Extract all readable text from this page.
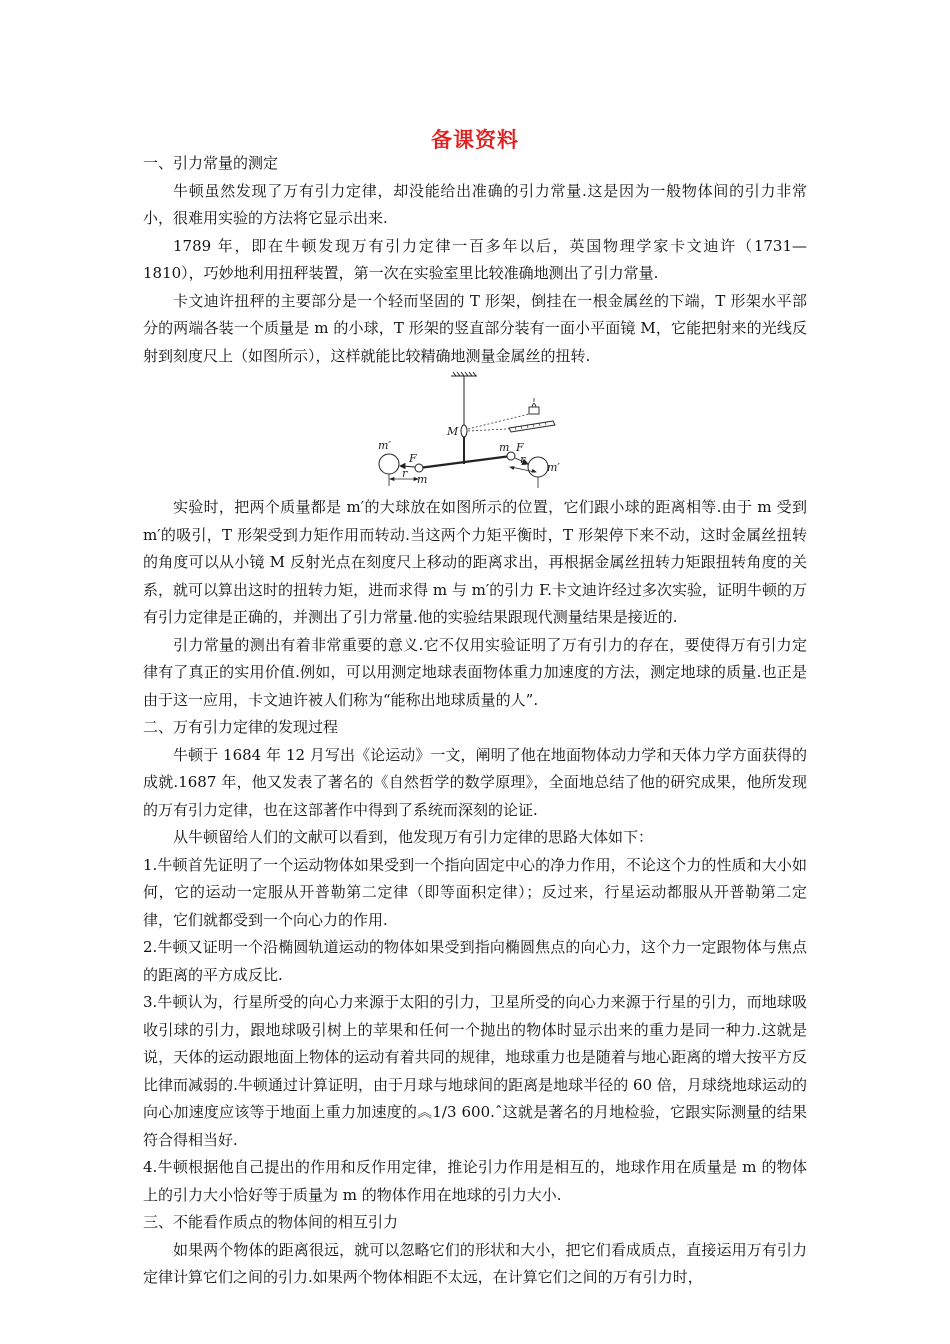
备课资料

一、引力常量的测定

牛顿虽然发现了万有引力定律，却没能给出准确的引力常量.这是因为一般物体间的引力非常小，很难用实验的方法将它显示出来.

1789 年，即在牛顿发现万有引力定律一百多年以后，英国物理学家卡文迪许（1731—1810），巧妙地利用扭秤装置，第一次在实验室里比较准确地测出了引力常量.

卡文迪许扭秤的主要部分是一个轻而坚固的 T 形架，倒挂在一根金属丝的下端，T 形架水平部分的两端各装一个质量是 m 的小球，T 形架的竖直部分装有一面小平面镜 M，它能把射来的光线反射到刻度尺上（如图所示），这样就能比较精确地测量金属丝的扭转.

M
m′
m′
m
m
F
F
r
r

实验时，把两个质量都是 m′的大球放在如图所示的位置，它们跟小球的距离相等.由于 m 受到 m′的吸引，T 形架受到力矩作用而转动.当这两个力矩平衡时，T 形架停下来不动，这时金属丝扭转的角度可以从小镜 M 反射光点在刻度尺上移动的距离求出，再根据金属丝扭转力矩跟扭转角度的关系，就可以算出这时的扭转力矩，进而求得 m 与 m′的引力 F.卡文迪许经过多次实验，证明牛顿的万有引力定律是正确的，并测出了引力常量.他的实验结果跟现代测量结果是接近的.

引力常量的测出有着非常重要的意义.它不仅用实验证明了万有引力的存在，要使得万有引力定律有了真正的实用价值.例如，可以用测定地球表面物体重力加速度的方法，测定地球的质量.也正是由于这一应用，卡文迪许被人们称为“能称出地球质量的人”.

二、万有引力定律的发现过程

牛顿于 1684 年 12 月写出《论运动》一文，阐明了他在地面物体动力学和天体力学方面获得的成就.1687 年，他又发表了著名的《自然哲学的数学原理》，全面地总结了他的研究成果，他所发现的万有引力定律，也在这部著作中得到了系统而深刻的论证.

从牛顿留给人们的文献可以看到，他发现万有引力定律的思路大体如下：

1.牛顿首先证明了一个运动物体如果受到一个指向固定中心的净力作用，不论这个力的性质和大小如何，它的运动一定服从开普勒第二定律（即等面积定律）；反过来，行星运动都服从开普勒第二定律，它们就都受到一个向心力的作用.

2.牛顿又证明一个沿椭圆轨道运动的物体如果受到指向椭圆焦点的向心力，这个力一定跟物体与焦点的距离的平方成反比.

3.牛顿认为，行星所受的向心力来源于太阳的引力，卫星所受的向心力来源于行星的引力，而地球吸收引球的引力，跟地球吸引树上的苹果和任何一个抛出的物体时显示出来的重力是同一种力.这就是说，天体的运动跟地面上物体的运动有着共同的规律，地球重力也是随着与地心距离的增大按平方反比律而减弱的.牛顿通过计算证明，由于月球与地球间的距离是地球半径的 60 倍，月球绕地球运动的向心加速度应该等于地面上重力加速度的︽1/3 600.ˆ这就是著名的月地检验，它跟实际测量的结果符合得相当好.

4.牛顿根据他自己提出的作用和反作用定律，推论引力作用是相互的，地球作用在质量是 m 的物体上的引力大小恰好等于质量为 m 的物体作用在地球的引力大小.

三、不能看作质点的物体间的相互引力

如果两个物体的距离很远，就可以忽略它们的形状和大小，把它们看成质点，直接运用万有引力定律计算它们之间的引力.如果两个物体相距不太远，在计算它们之间的万有引力时，
